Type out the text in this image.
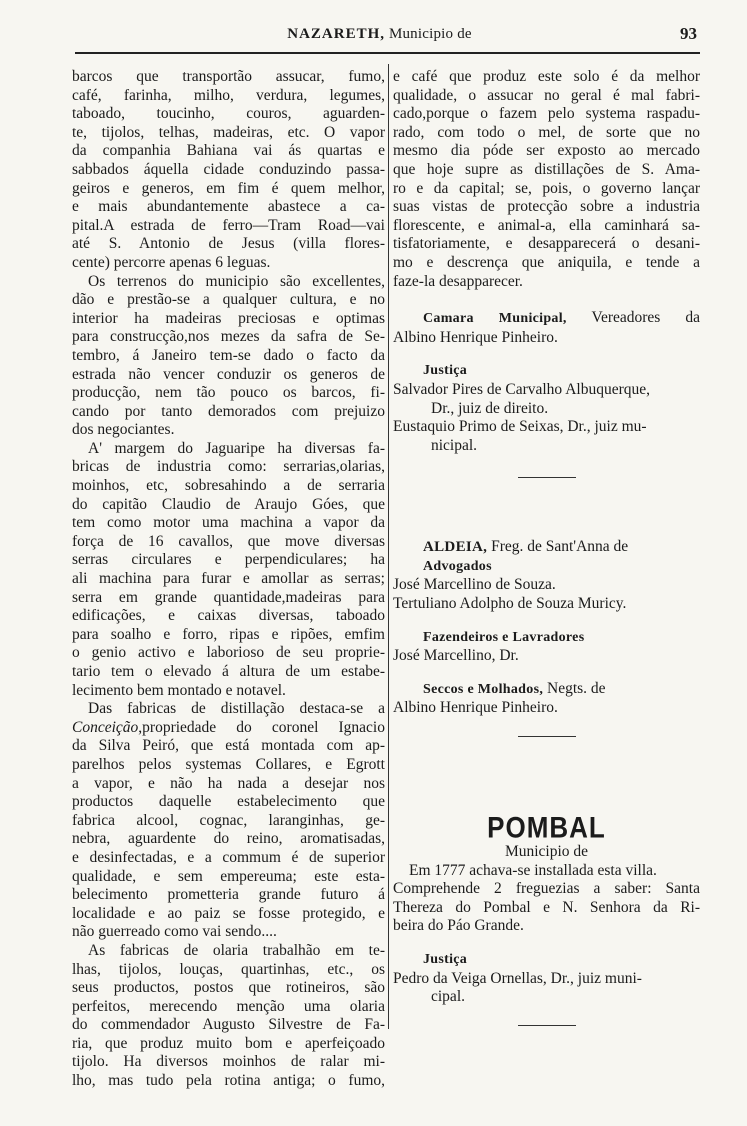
NAZARETH, Municipio de	93
barcos que transportão assucar, fumo,
café, farinha, milho, verdura, legumes,
taboado, toucinho, couros, aguarden-
te, tijolos, telhas, madeiras, etc. O vapor
da companhia Bahiana vai ás quartas e
sabbados áquella cidade conduzindo passa-
geiros e generos, em fim é quem melhor,
e mais abundantemente abastece a ca-
pital.A estrada de ferro—Tram Road—vai
até S. Antonio de Jesus (villa flores-
cente) percorre apenas 6 leguas.
Os terrenos do municipio são excellentes,
dão e prestão-se a qualquer cultura, e no
interior ha madeiras preciosas e optimas
para construcção,nos mezes da safra de Se-
tembro, á Janeiro tem-se dado o facto da
estrada não vencer conduzir os generos de
producção, nem tão pouco os barcos, fi-
cando por tanto demorados com prejuizo
dos negociantes.
A' margem do Jaguaripe ha diversas fa-
bricas de industria como: serrarias,olarias,
moinhos, etc, sobresahindo a de serraria
do capitão Claudio de Araujo Góes, que
tem como motor uma machina a vapor da
força de 16 cavallos, que move diversas
serras circulares e perpendiculares; ha
ali machina para furar e amollar as serras;
serra em grande quantidade,madeiras para
edificações, e caixas diversas, taboado
para soalho e forro, ripas e ripões, emfim
o genio activo e laborioso de seu proprie-
tario tem o elevado á altura de um estabe-
lecimento bem montado e notavel.
Das fabricas de distillação destaca-se a
Conceição,propriedade do coronel Ignacio
da Silva Peiró, que está montada com ap-
parelhos pelos systemas Collares, e Egrott
a vapor, e não ha nada a desejar nos
productos daquelle estabelecimento que
fabrica alcool, cognac, laranginhas, ge-
nebra, aguardente do reino, aromatisadas,
e desinfectadas, e a commum é de superior
qualidade, e sem empereuma; este esta-
belecimento prometteria grande futuro á
localidade e ao paiz se fosse protegido, e
não guerreado como vai sendo....
As fabricas de olaria trabalhão em te-
lhas, tijolos, louças, quartinhas, etc., os
seus productos, postos que rotineiros, são
perfeitos, merecendo menção uma olaria
do commendador Augusto Silvestre de Fa-
ria, que produz muito bom e aperfeiçoado
tijolo. Ha diversos moinhos de ralar mi-
lho, mas tudo pela rotina antiga; o fumo,
e café que produz este solo é da melhor
qualidade, o assucar no geral é mal fabri-
cado,porque o fazem pelo systema raspadu-
rado, com todo o mel, de sorte que no
mesmo dia póde ser exposto ao mercado
que hoje supre as distillações de S. Ama-
ro e da capital; se, pois, o governo lançar
suas vistas de protecção sobre a industria
florescente, e animal-a, ella caminhará sa-
tisfatoriamente, e desapparecerá o desani-
mo e descrença que aniquila, e tende a
faze-la desapparecer.
Camara Municipal, Vereadores da
Albino Henrique Pinheiro.
Justiça
Salvador Pires de Carvalho Albuquerque,
Dr., juiz de direito.
Eustaquio Primo de Seixas, Dr., juiz mu-
nicipal.
ALDEIA, Freg. de Sant'Anna de
Advogados
José Marcellino de Souza.
Tertuliano Adolpho de Souza Muricy.
Fazendeiros e Lavradores
José Marcellino, Dr.
Seccos e Molhados, Negts. de
Albino Henrique Pinheiro.
POMBAL
Municipio de
Em 1777 achava-se installada esta villa.
Comprehende 2 freguezias a saber: Santa
Thereza do Pombal e N. Senhora da Ri-
beira do Páo Grande.
Justiça
Pedro da Veiga Ornellas, Dr., juiz muni-
cipal.
